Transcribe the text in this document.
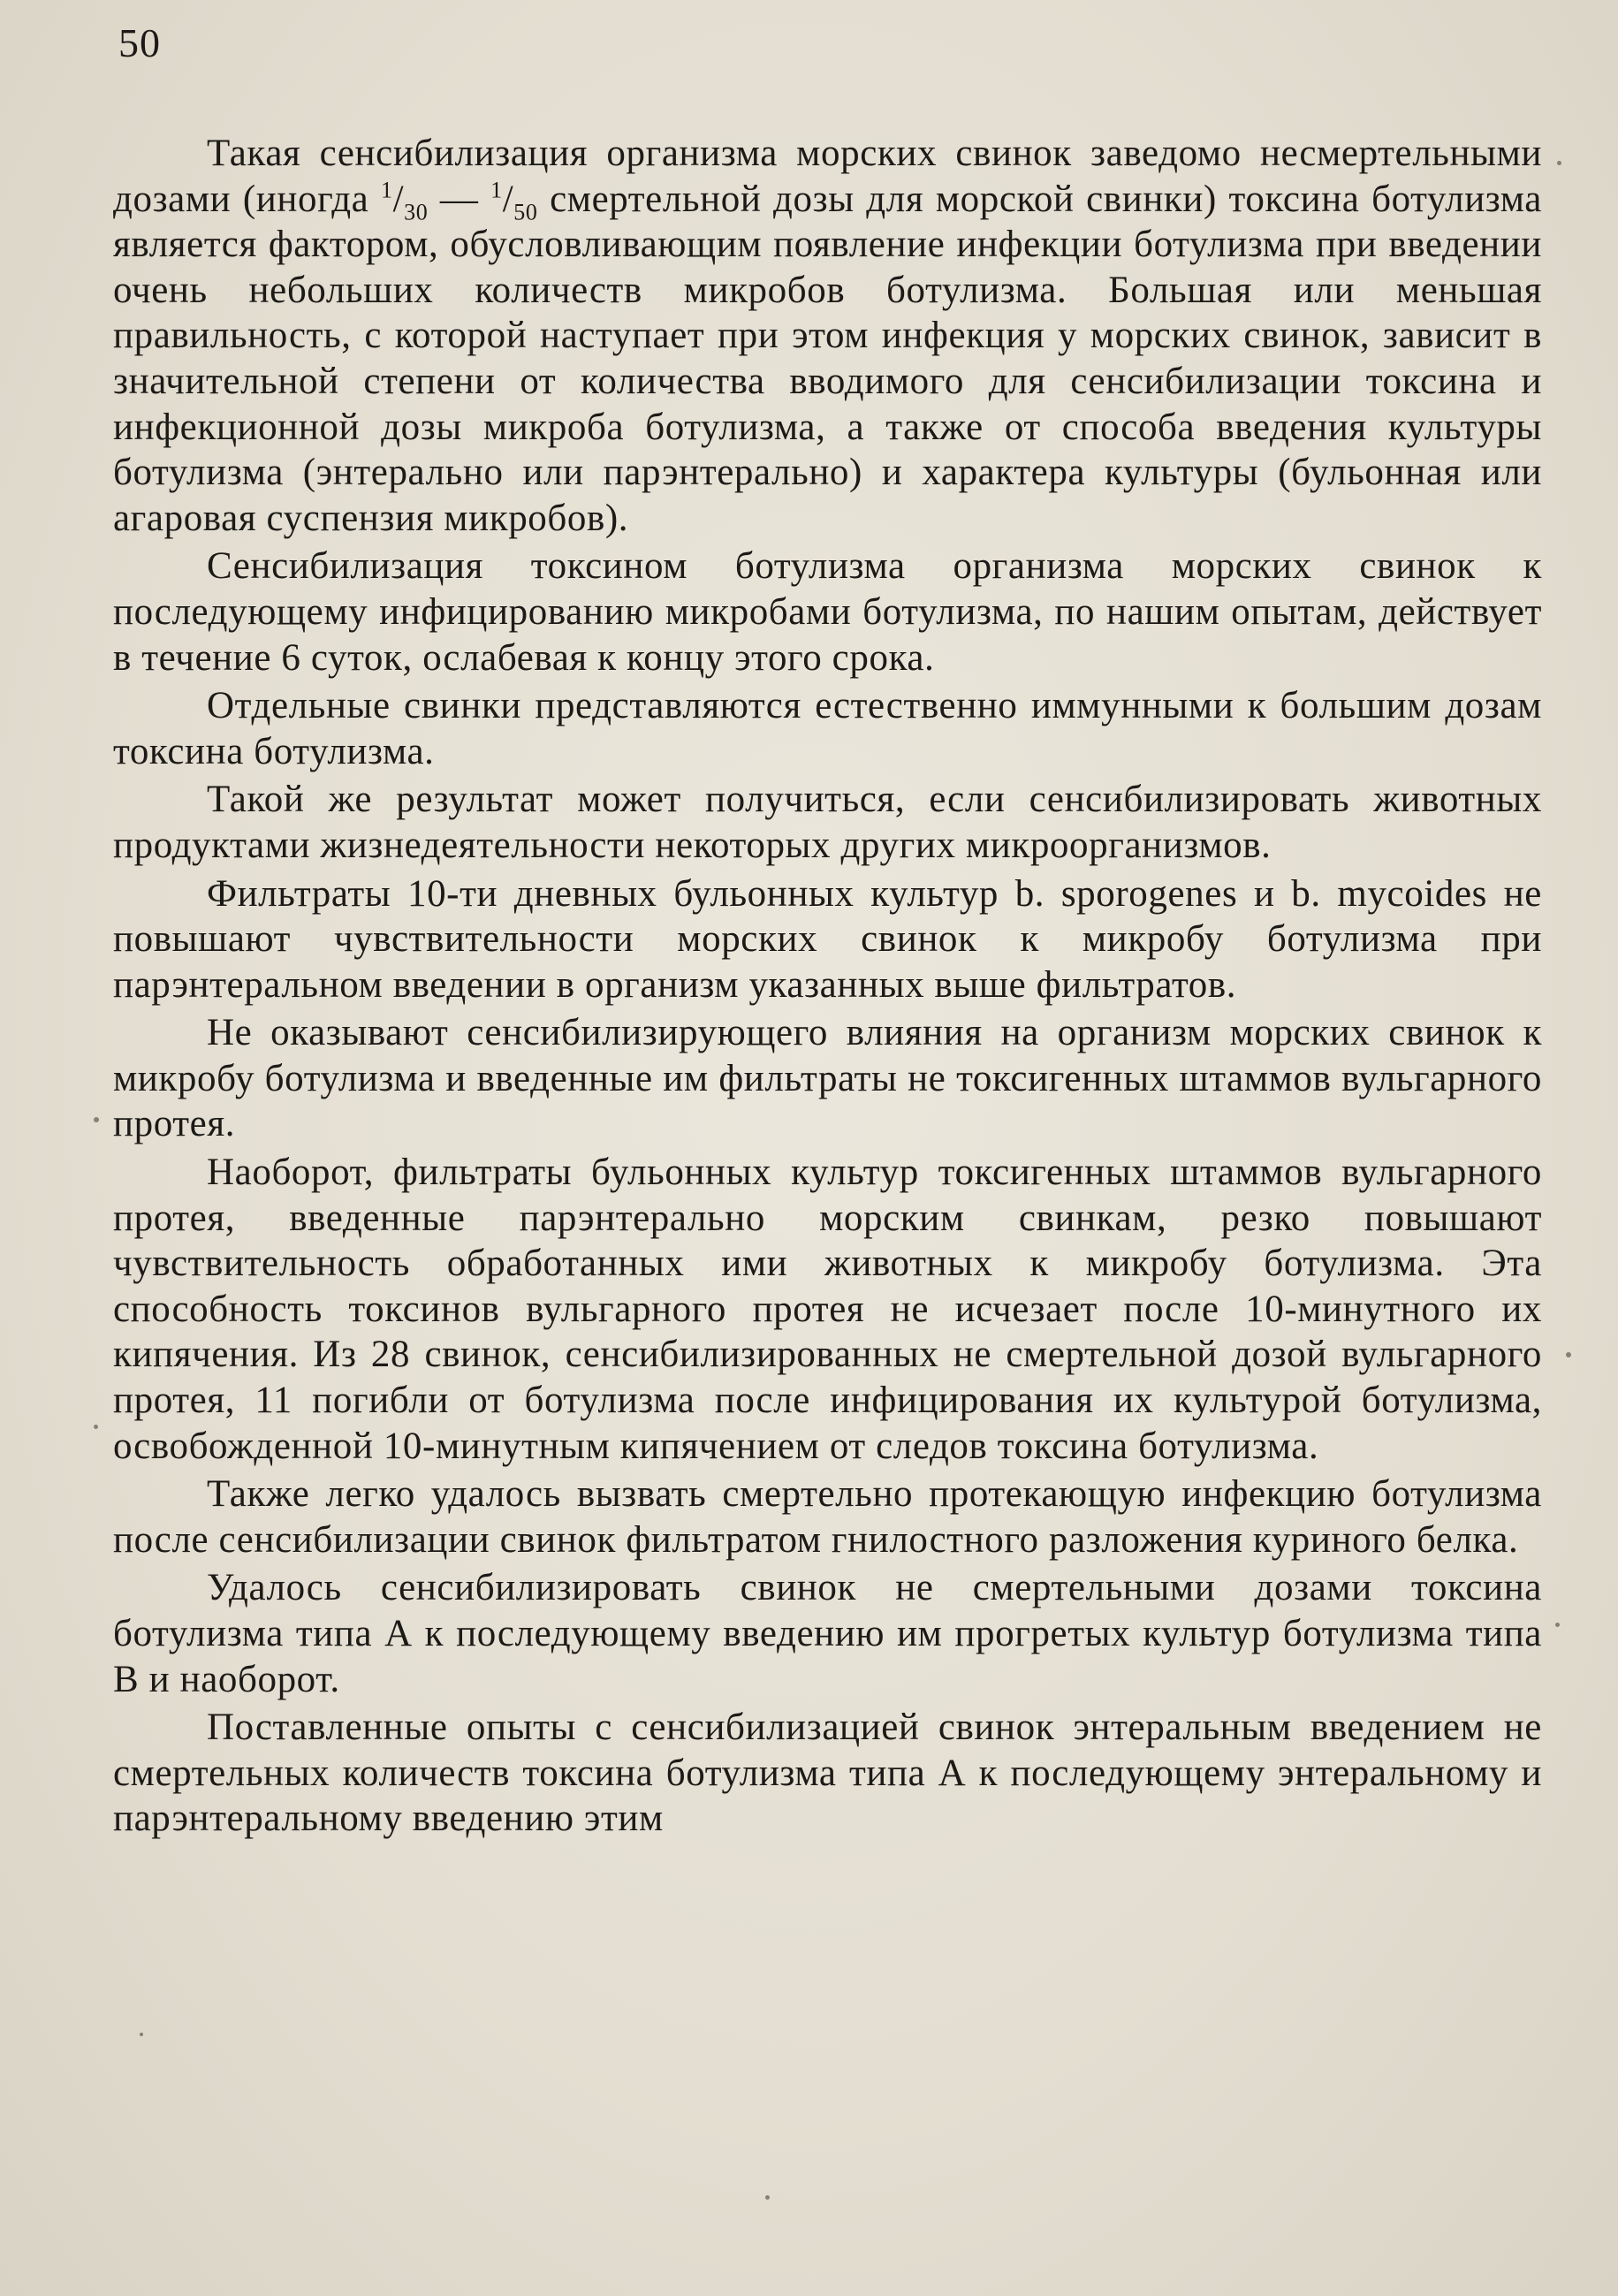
50

Такая сенсибилизация организма морских свинок заведомо несмертельными дозами (иногда $^1/_{30}$ — $^1/_{50}$ смертельной дозы для морской свинки) токсина ботулизма является фактором, обусловливающим появление инфекции ботулизма при введении очень небольших количеств микробов ботулизма. Большая или меньшая правильность, с которой наступает при этом инфекция у морских свинок, зависит в значительной степени от количества вводимого для сенсибилизации токсина и инфекционной дозы микроба ботулизма, а также от способа введения культуры ботулизма (энтерально или парэнтерально) и характера культуры (бульонная или агаровая суспензия микробов).

Сенсибилизация токсином ботулизма организма морских свинок к последующему инфицированию микробами ботулизма, по нашим опытам, действует в течение 6 суток, ослабевая к концу этого срока.

Отдельные свинки представляются естественно иммунными к большим дозам токсина ботулизма.

Такой же результат может получиться, если сенсибилизировать животных продуктами жизнедеятельности некоторых других микроорганизмов.

Фильтраты 10-ти дневных бульонных культур b. sporogenes и b. mycoides не повышают чувствительности морских свинок к микробу ботулизма при парэнтеральном введении в организм указанных выше фильтратов.

Не оказывают сенсибилизирующего влияния на организм морских свинок к микробу ботулизма и введенные им фильтраты не токсигенных штаммов вульгарного протея.

Наоборот, фильтраты бульонных культур токсигенных штаммов вульгарного протея, введенные парэнтерально морским свинкам, резко повышают чувствительность обработанных ими животных к микробу ботулизма. Эта способность токсинов вульгарного протея не исчезает после 10-минутного их кипячения. Из 28 свинок, сенсибилизированных не смертельной дозой вульгарного протея, 11 погибли от ботулизма после инфицирования их культурой ботулизма, освобожденной 10-минутным кипячением от следов токсина ботулизма.

Также легко удалось вызвать смертельно протекающую инфекцию ботулизма после сенсибилизации свинок фильтратом гнилостного разложения куриного белка.

Удалось сенсибилизировать свинок не смертельными дозами токсина ботулизма типа А к последующему введению им прогретых культур ботулизма типа В и наоборот.

Поставленные опыты с сенсибилизацией свинок энтеральным введением не смертельных количеств токсина ботулизма типа А к последующему энтеральному и парэнтеральному введению этим
